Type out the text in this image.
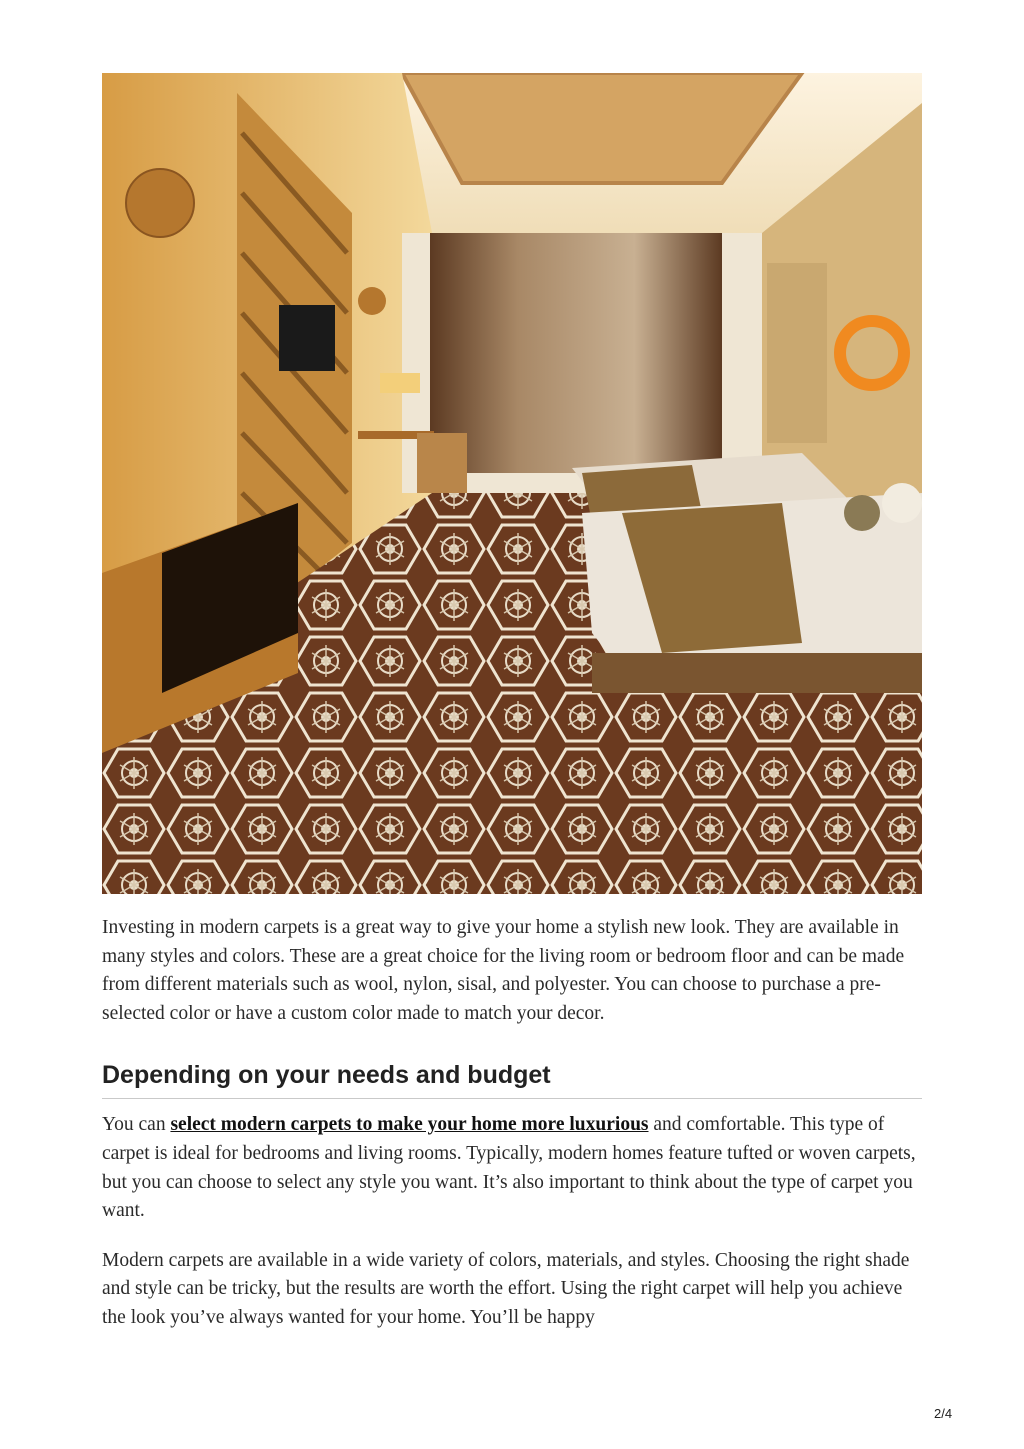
Investing in modern carpets is a great way to give your home a stylish new look. They are available in many styles and colors. These are a great choice for the living room or bedroom floor and can be made from different materials such as wool, nylon, sisal, and polyester. You can choose to purchase a pre-selected color or have a custom color made to match your decor.

Depending on your needs and budget

You can select modern carpets to make your home more luxurious and comfortable. This type of carpet is ideal for bedrooms and living rooms. Typically, modern homes feature tufted or woven carpets, but you can choose to select any style you want. It’s also important to think about the type of carpet you want.

Modern carpets are available in a wide variety of colors, materials, and styles. Choosing the right shade and style can be tricky, but the results are worth the effort. Using the right carpet will help you achieve the look you’ve always wanted for your home. You’ll be happy

2/4
